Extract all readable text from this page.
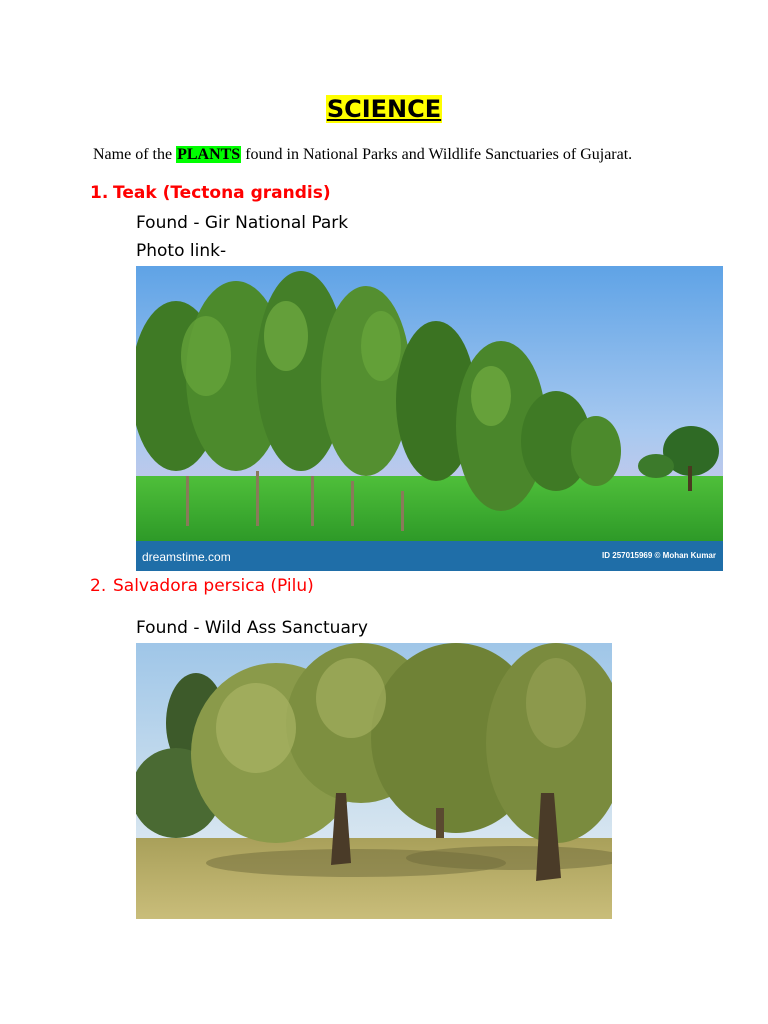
SCIENCE
Name of the PLANTS found in National Parks and Wildlife Sanctuaries of Gujarat.
1. Teak (Tectona grandis)
Found - Gir National Park
Photo link-
dreamstime.com	ID 257015969 © Mohan Kumar
2. Salvadora persica (Pilu)
Found - Wild Ass Sanctuary
